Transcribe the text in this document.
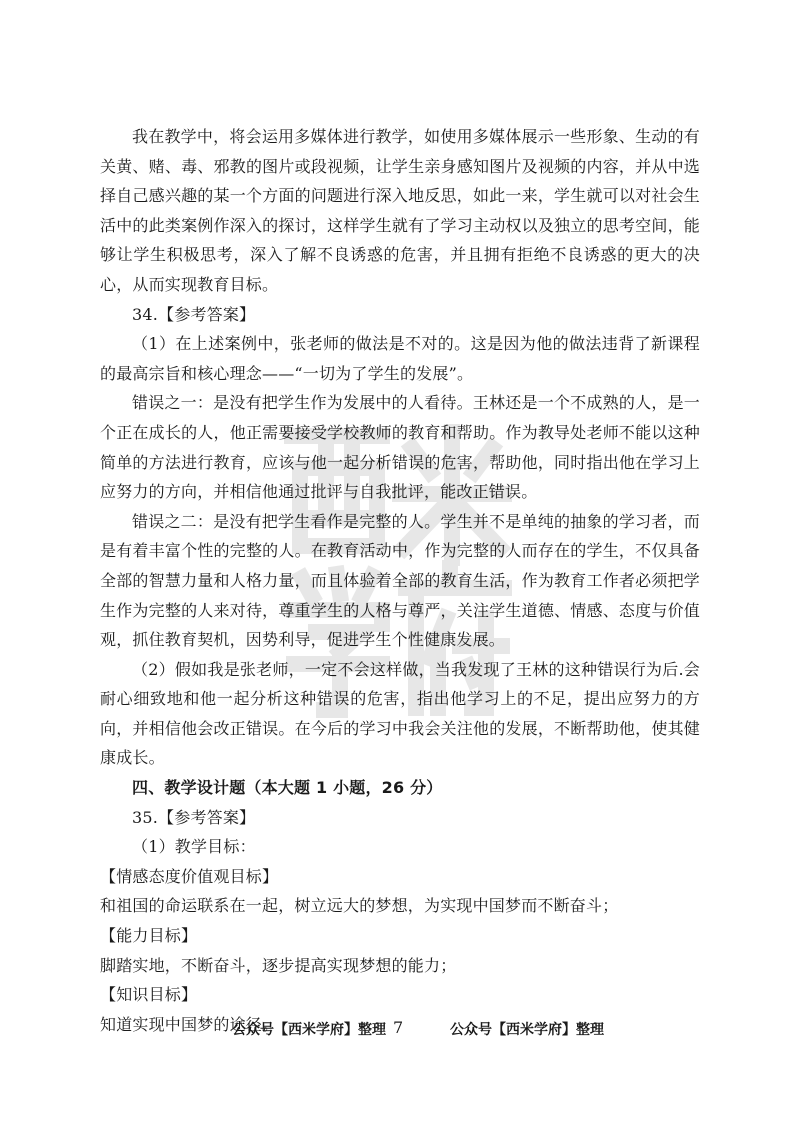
我在教学中，将会运用多媒体进行教学，如使用多媒体展示一些形象、生动的有关黄、赌、毒、邪教的图片或段视频，让学生亲身感知图片及视频的内容，并从中选择自己感兴趣的某一个方面的问题进行深入地反思，如此一来，学生就可以对社会生活中的此类案例作深入的探讨，这样学生就有了学习主动权以及独立的思考空间，能够让学生积极思考，深入了解不良诱惑的危害，并且拥有拒绝不良诱惑的更大的决心，从而实现教育目标。

34.【参考答案】

（1）在上述案例中，张老师的做法是不对的。这是因为他的做法违背了新课程的最高宗旨和核心理念——“一切为了学生的发展”。

错误之一：是没有把学生作为发展中的人看待。王林还是一个不成熟的人，是一个正在成长的人，他正需要接受学校教师的教育和帮助。作为教导处老师不能以这种简单的方法进行教育，应该与他一起分析错误的危害，帮助他，同时指出他在学习上应努力的方向，并相信他通过批评与自我批评，能改正错误。

错误之二：是没有把学生看作是完整的人。学生并不是单纯的抽象的学习者，而是有着丰富个性的完整的人。在教育活动中，作为完整的人而存在的学生，不仅具备全部的智慧力量和人格力量，而且体验着全部的教育生活，作为教育工作者必须把学生作为完整的人来对待，尊重学生的人格与尊严，关注学生道德、情感、态度与价值观，抓住教育契机，因势利导，促进学生个性健康发展。

（2）假如我是张老师，一定不会这样做，当我发现了王林的这种错误行为后.会耐心细致地和他一起分析这种错误的危害，指出他学习上的不足，提出应努力的方向，并相信他会改正错误。在今后的学习中我会关注他的发展，不断帮助他，使其健康成长。

四、教学设计题（本大题 1 小题，26 分）

35.【参考答案】

（1）教学目标：

【情感态度价值观目标】

和祖国的命运联系在一起，树立远大的梦想，为实现中国梦而不断奋斗；

【能力目标】

脚踏实地，不断奋斗，逐步提高实现梦想的能力；

【知识目标】

知道实现中国梦的途径。

公众号【西米学府】整理 7	公众号【西米学府】整理
